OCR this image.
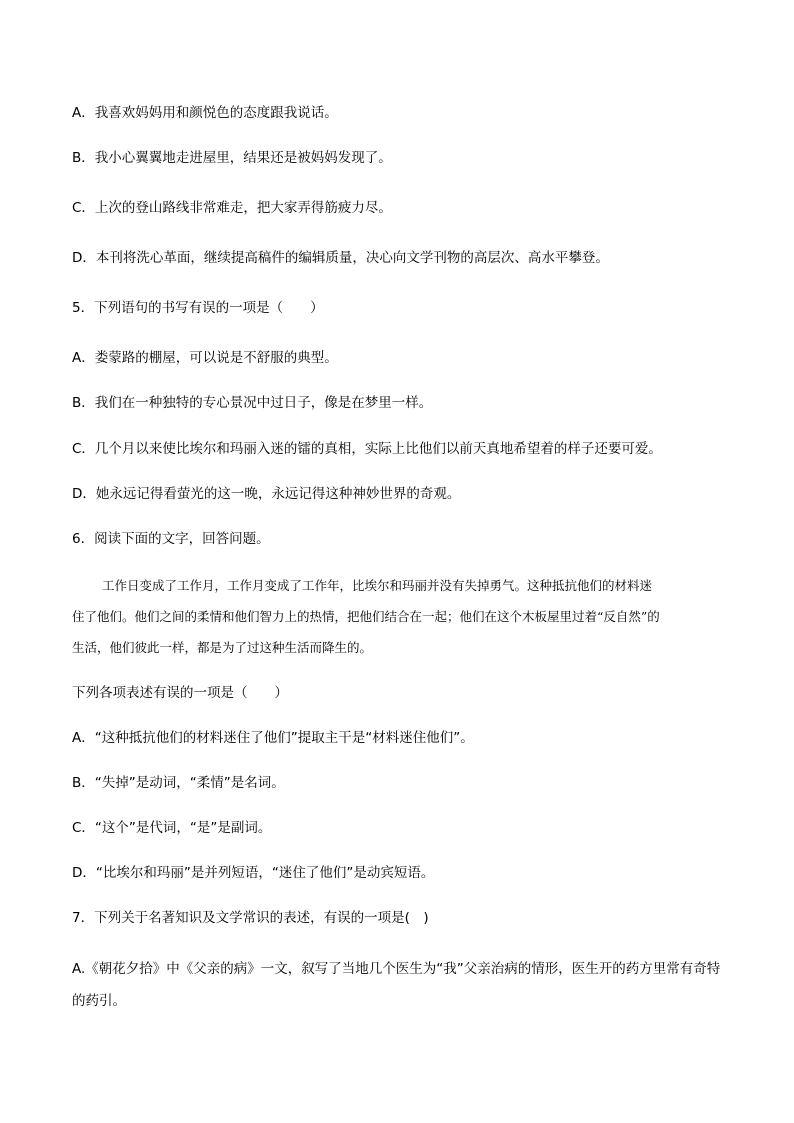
A．我喜欢妈妈用和颜悦色的态度跟我说话。
B．我小心翼翼地走进屋里，结果还是被妈妈发现了。
C．上次的登山路线非常难走，把大家弄得筋疲力尽。
D．本刊将洗心革面，继续提高稿件的编辑质量，决心向文学刊物的高层次、高水平攀登。
5．下列语句的书写有误的一项是（　　）
A．娄蒙路的棚屋，可以说是不舒服的典型。
B．我们在一种独特的专心景况中过日子，像是在梦里一样。
C．几个月以来使比埃尔和玛丽入迷的镭的真相，实际上比他们以前天真地希望着的样子还要可爱。
D．她永远记得看萤光的这一晚，永远记得这种神妙世界的奇观。
6．阅读下面的文字，回答问题。
工作日变成了工作月，工作月变成了工作年，比埃尔和玛丽并没有失掉勇气。这种抵抗他们的材料迷
住了他们。他们之间的柔情和他们智力上的热情，把他们结合在一起；他们在这个木板屋里过着“反自然”的
生活，他们彼此一样，都是为了过这种生活而降生的。
下列各项表述有误的一项是（　　）
A．“这种抵抗他们的材料迷住了他们”提取主干是“材料迷住他们”。
B．“失掉”是动词，“柔情”是名词。
C．“这个”是代词，“是”是副词。
D．“比埃尔和玛丽”是并列短语，“迷住了他们”是动宾短语。
7．下列关于名著知识及文学常识的表述，有误的一项是(　)
A.《朝花夕拾》中《父亲的病》一文，叙写了当地几个医生为“我”父亲治病的情形，医生开的药方里常有奇特的药引。
